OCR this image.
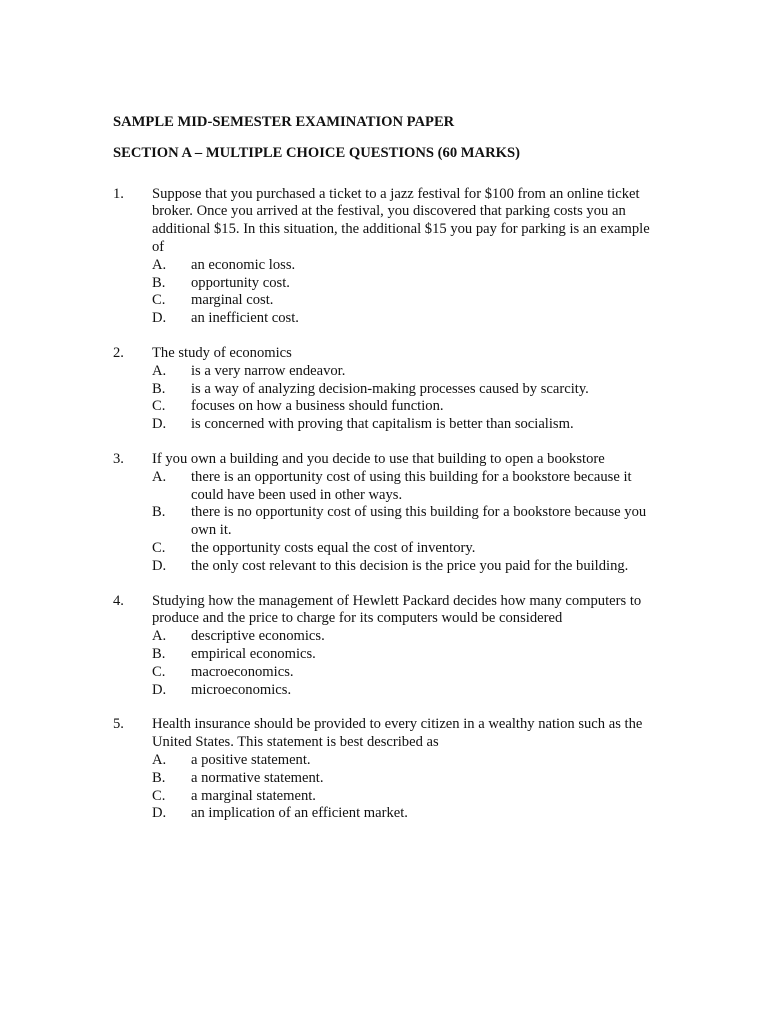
SAMPLE MID-SEMESTER EXAMINATION PAPER

SECTION A – MULTIPLE CHOICE QUESTIONS (60 MARKS)

1.	Suppose that you purchased a ticket to a jazz festival for $100 from an online ticket broker. Once you arrived at the festival, you discovered that parking costs you an additional $15. In this situation, the additional $15 you pay for parking is an example of

A.	an economic loss.
B.	opportunity cost.
C.	marginal cost.
D.	an inefficient cost.
2.	The study of economics

A.	is a very narrow endeavor.
B.	is a way of analyzing decision-making processes caused by scarcity.
C.	focuses on how a business should function.
D.	is concerned with proving that capitalism is better than socialism.
3.	If you own a building and you decide to use that building to open a bookstore

A.	there is an opportunity cost of using this building for a bookstore because it could have been used in other ways.
B.	there is no opportunity cost of using this building for a bookstore because you own it.
C.	the opportunity costs equal the cost of inventory.
D.	the only cost relevant to this decision is the price you paid for the building.
4.	Studying how the management of Hewlett Packard decides how many computers to produce and the price to charge for its computers would be considered

A.	descriptive economics.
B.	empirical economics.
C.	macroeconomics.
D.	microeconomics.
5.	Health insurance should be provided to every citizen in a wealthy nation such as the United States. This statement is best described as

A.	a positive statement.
B.	a normative statement.
C.	a marginal statement.
D.	an implication of an efficient market.
